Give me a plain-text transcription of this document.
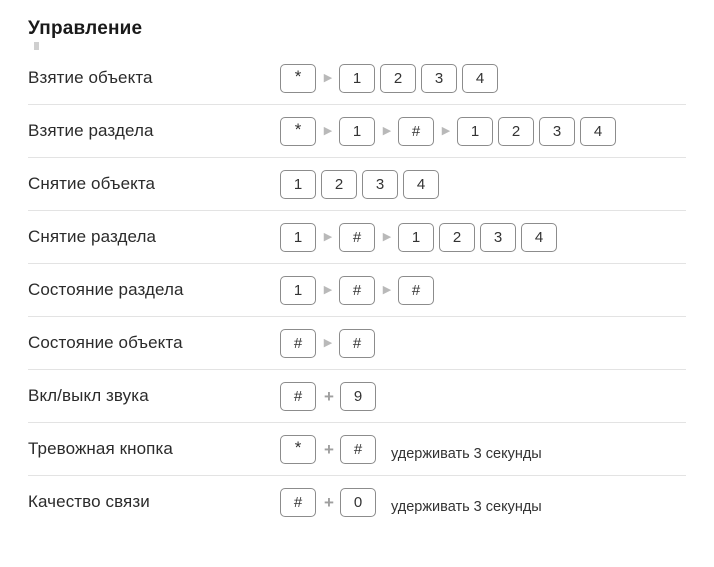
Управление
Взятие объекта	*	▶	1	2	3	4
Взятие раздела	*	▶	1	▶	#	▶	1	2	3	4
Снятие объекта	1	2	3	4
Снятие раздела	1	▶	#	▶	1	2	3	4
Состояние раздела	1	▶	#	▶	#
Состояние объекта	#	▶	#
Вкл/выкл звука	#	+	9
Тревожная кнопка	*	+	#	удерживать 3 секунды
Качество связи	#	+	0	удерживать 3 секунды
